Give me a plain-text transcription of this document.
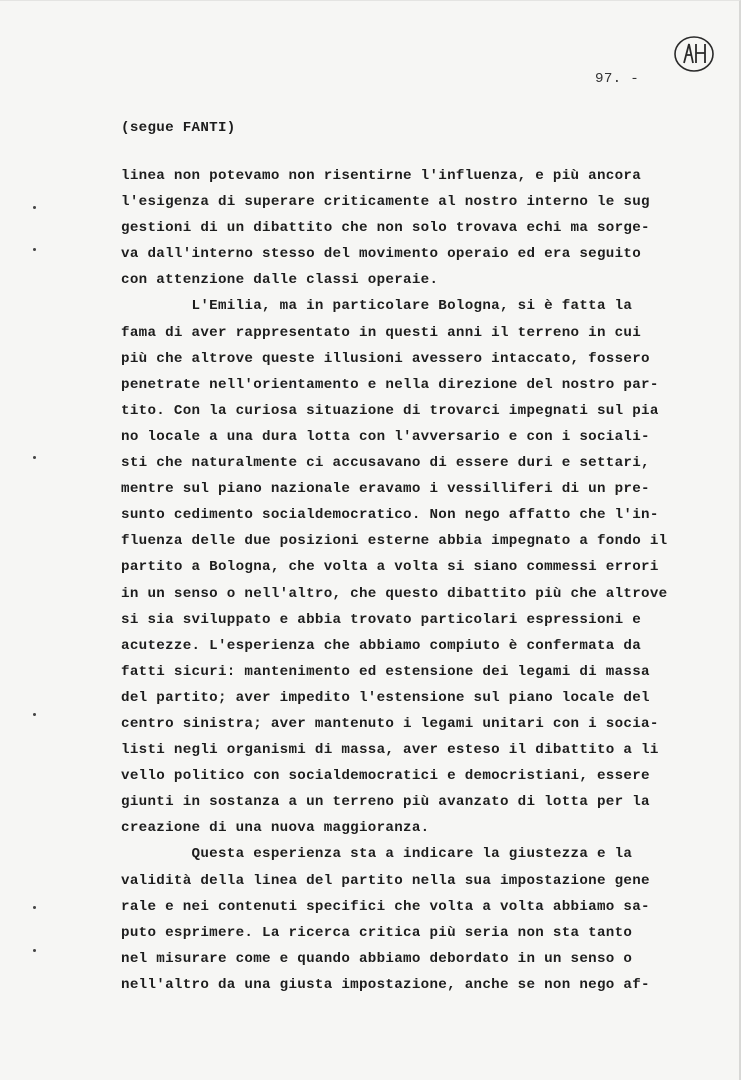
97. -
(segue FANTI)
linea non potevamo non risentirne l'influenza, e più ancora
l'esigenza di superare criticamente al nostro interno le sug
gestioni di un dibattito che non solo trovava echi ma sorge-
va dall'interno stesso del movimento operaio ed era seguito
con attenzione dalle classi operaie.
L'Emilia, ma in particolare Bologna, si è fatta la
fama di aver rappresentato in questi anni il terreno in cui
più che altrove queste illusioni avessero intaccato, fossero
penetrate nell'orientamento e nella direzione del nostro par-
tito. Con la curiosa situazione di trovarci impegnati sul pia
no locale a una dura lotta con l'avversario e con i sociali-
sti che naturalmente ci accusavano di essere duri e settari,
mentre sul piano nazionale eravamo i vessilliferi di un pre-
sunto cedimento socialdemocratico. Non nego affatto che l'in-
fluenza delle due posizioni esterne abbia impegnato a fondo il
partito a Bologna, che volta a volta si siano commessi errori
in un senso o nell'altro, che questo dibattito più che altrove
si sia sviluppato e abbia trovato particolari espressioni e
acutezze. L'esperienza che abbiamo compiuto è confermata da
fatti sicuri: mantenimento ed estensione dei legami di massa
del partito; aver impedito l'estensione sul piano locale del
centro sinistra; aver mantenuto i legami unitari con i socia-
listi negli organismi di massa, aver esteso il dibattito a li
vello politico con socialdemocratici e democristiani, essere
giunti in sostanza a un terreno più avanzato di lotta per la
creazione di una nuova maggioranza.
Questa esperienza sta a indicare la giustezza e la
validità della linea del partito nella sua impostazione gene
rale e nei contenuti specifici che volta a volta abbiamo sa-
puto esprimere. La ricerca critica più seria non sta tanto
nel misurare come e quando abbiamo debordato in un senso o
nell'altro da una giusta impostazione, anche se non nego af-
